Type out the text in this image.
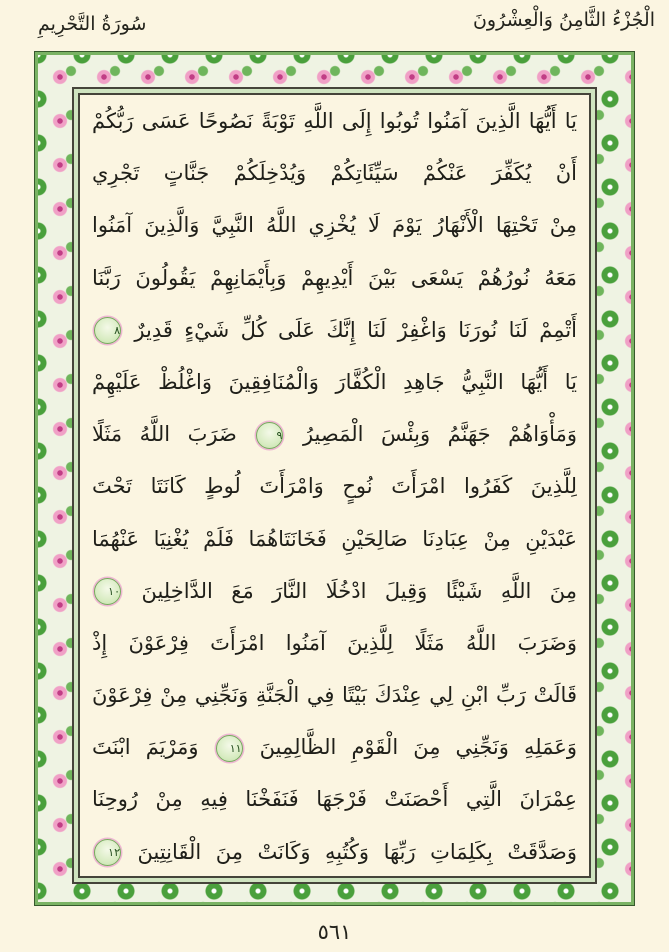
الْجُزْءُ الثَّامِنُ وَالْعِشْرُونَ
سُورَةُ التَّحْرِيمِ
يَا أَيُّهَا الَّذِينَ آمَنُوا تُوبُوا إِلَى اللَّهِ تَوْبَةً نَصُوحًا عَسَى رَبُّكُمْ
أَنْ يُكَفِّرَ عَنْكُمْ سَيِّئَاتِكُمْ وَيُدْخِلَكُمْ جَنَّاتٍ تَجْرِي
مِنْ تَحْتِهَا الْأَنْهَارُ يَوْمَ لَا يُخْزِي اللَّهُ النَّبِيَّ وَالَّذِينَ آمَنُوا
مَعَهُ نُورُهُمْ يَسْعَى بَيْنَ أَيْدِيهِمْ وَبِأَيْمَانِهِمْ يَقُولُونَ رَبَّنَا
أَتْمِمْ لَنَا نُورَنَا وَاغْفِرْ لَنَا إِنَّكَ عَلَى كُلِّ شَيْءٍ قَدِيرٌ ٨
يَا أَيُّهَا النَّبِيُّ جَاهِدِ الْكُفَّارَ وَالْمُنَافِقِينَ وَاغْلُظْ عَلَيْهِمْ
وَمَأْوَاهُمْ جَهَنَّمُ وَبِئْسَ الْمَصِيرُ ٩ ضَرَبَ اللَّهُ مَثَلًا
لِلَّذِينَ كَفَرُوا امْرَأَتَ نُوحٍ وَامْرَأَتَ لُوطٍ كَانَتَا تَحْتَ
عَبْدَيْنِ مِنْ عِبَادِنَا صَالِحَيْنِ فَخَانَتَاهُمَا فَلَمْ يُغْنِيَا عَنْهُمَا
مِنَ اللَّهِ شَيْئًا وَقِيلَ ادْخُلَا النَّارَ مَعَ الدَّاخِلِينَ ١٠
وَضَرَبَ اللَّهُ مَثَلًا لِلَّذِينَ آمَنُوا امْرَأَتَ فِرْعَوْنَ إِذْ
قَالَتْ رَبِّ ابْنِ لِي عِنْدَكَ بَيْتًا فِي الْجَنَّةِ وَنَجِّنِي مِنْ فِرْعَوْنَ
وَعَمَلِهِ وَنَجِّنِي مِنَ الْقَوْمِ الظَّالِمِينَ ١١ وَمَرْيَمَ ابْنَتَ
عِمْرَانَ الَّتِي أَحْصَنَتْ فَرْجَهَا فَنَفَخْنَا فِيهِ مِنْ رُوحِنَا
وَصَدَّقَتْ بِكَلِمَاتِ رَبِّهَا وَكُتُبِهِ وَكَانَتْ مِنَ الْقَانِتِينَ ١٢
٥٦١
